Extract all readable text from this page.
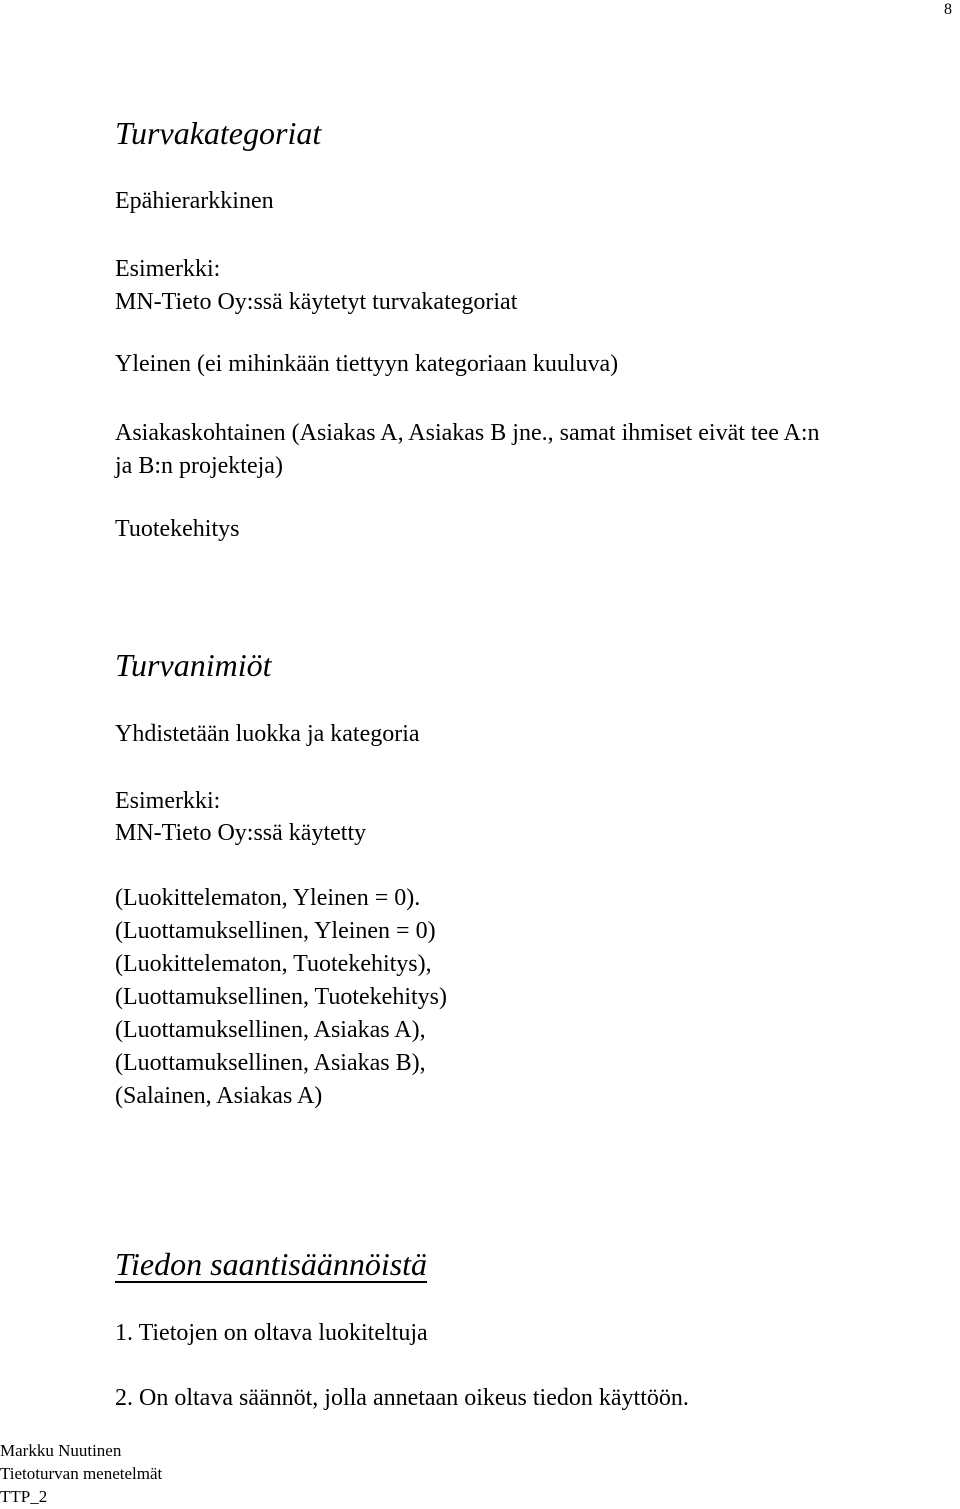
8
Turvakategoriat
Epähierarkkinen
Esimerkki:
MN-Tieto Oy:ssä käytetyt turvakategoriat
Yleinen (ei mihinkään tiettyyn kategoriaan kuuluva)
Asiakaskohtainen (Asiakas A, Asiakas B jne., samat ihmiset eivät tee A:n
ja B:n projekteja)
Tuotekehitys
Turvanimiöt
Yhdistetään luokka ja kategoria
Esimerkki:
MN-Tieto Oy:ssä käytetty
(Luokittelematon, Yleinen = 0).
(Luottamuksellinen, Yleinen = 0)
(Luokittelematon, Tuotekehitys),
(Luottamuksellinen, Tuotekehitys)
(Luottamuksellinen, Asiakas A),
(Luottamuksellinen, Asiakas B),
(Salainen, Asiakas A)
Tiedon saantisäännöistä
1. Tietojen on oltava luokiteltuja
2. On oltava säännöt, jolla annetaan oikeus tiedon käyttöön.
Markku Nuutinen
Tietoturvan menetelmät
TTP_2
